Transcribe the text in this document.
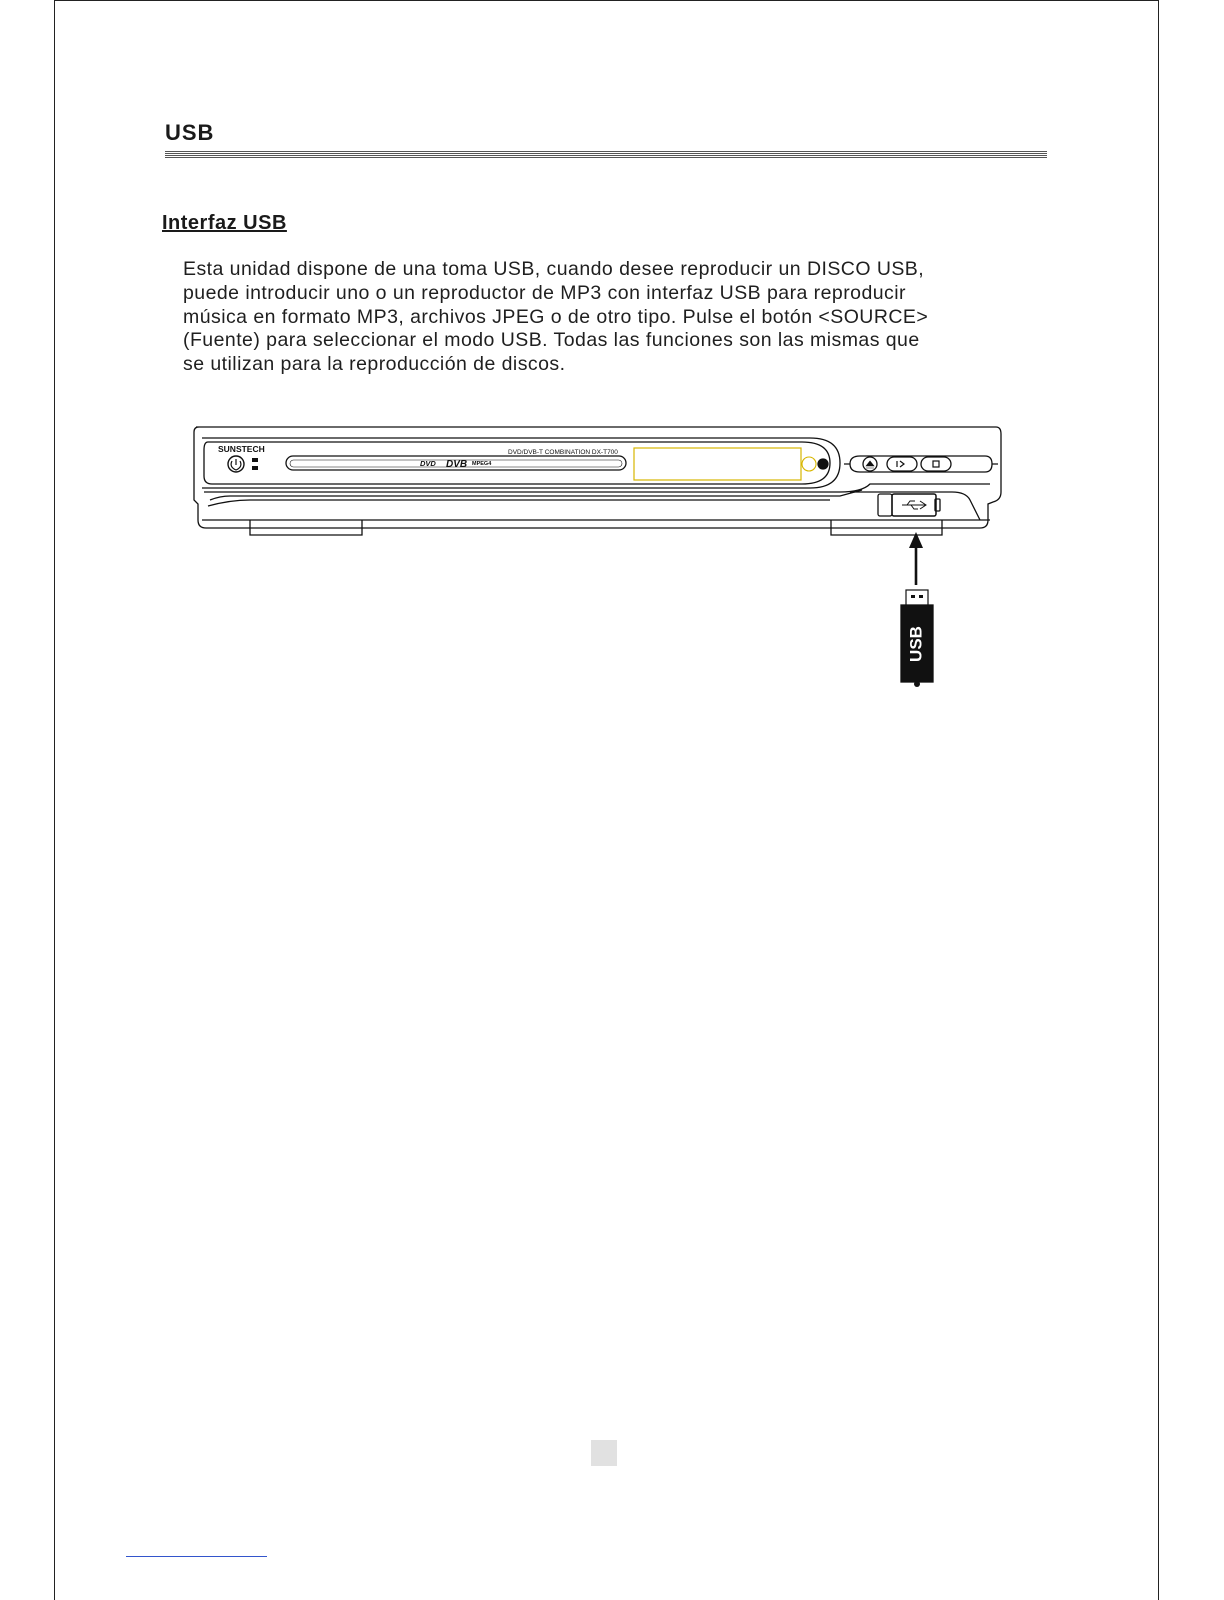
USB
Interfaz USB
Esta unidad dispone de una toma USB, cuando desee reproducir un DISCO USB,
puede introducir uno o un reproductor de MP3 con interfaz USB para reproducir
música en formato MP3, archivos JPEG o de otro tipo. Pulse el botón <SOURCE>
(Fuente) para seleccionar el modo USB. Todas las funciones son las mismas que
se utilizan para la reproducción de discos.
SUNSTECH	DVD/DVB-T COMBINATION DX-T700
DVD DVB MPEG4
USB
